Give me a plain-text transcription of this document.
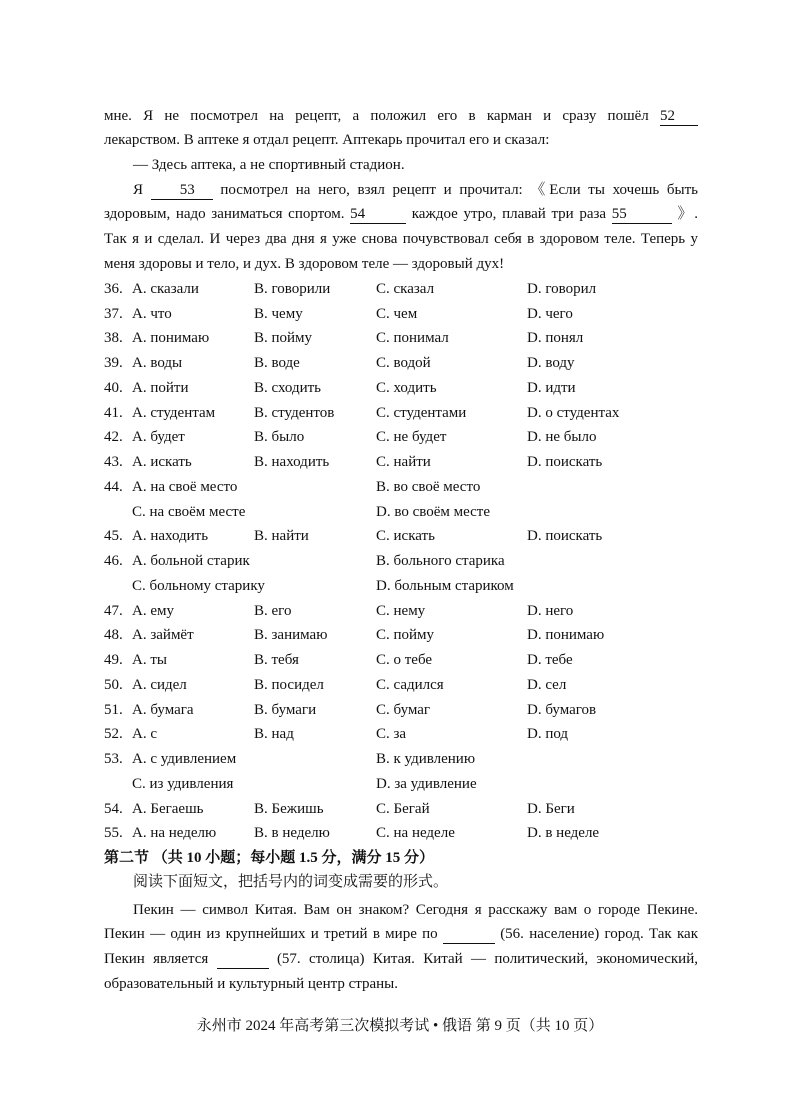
мне. Я не посмотрел на рецепт, а положил его в карман и сразу пошёл 52

лекарством. В аптеке я отдал рецепт. Аптекарь прочитал его и сказал:

— Здесь аптека, а не спортивный стадион.

Я 53 посмотрел на него, взял рецепт и прочитал: 《Если ты хочешь быть

здоровым, надо заниматься спортом. 54	каждое утро, плавай три раза 55	》.

Так я и сделал. И через два дня я уже снова почувствовал себя в здоровом теле. Теперь у

меня здоровы и тело, и дух. В здоровом теле — здоровый дух!

36. A. сказали	B. говорили	C. сказал	D. говорил
37. A. что	B. чему	C. чем	D. чего
38. A. понимаю	B. пойму	C. понимал	D. понял
39. A. воды	B. воде	C. водой	D. воду
40. A. пойти	B. сходить	C. ходить	D. идти
41. A. студентам	B. студентов	C. студентами	D. о студентах
42. A. будет	B. было	C. не будет	D. не было
43. A. искать	B. находить	C. найти	D. поискать
44. A. на своё место	B. во своё место
C. на своём месте	D. во своём месте
45. A. находить	B. найти	C. искать	D. поискать
46. A. больной старик	B. больного старика
C. больному старику	D. больным стариком
47. A. ему	B. его	C. нему	D. него
48. A. займёт	B. занимаю	C. пойму	D. понимаю
49. A. ты	B. тебя	C. о тебе	D. тебе
50. A. сидел	B. посидел	C. садился	D. сел
51. A. бумага	B. бумаги	C. бумаг	D. бумагов
52. A. с	B. над	C. за	D. под
53. A. с удивлением	B. к удивлению
C. из удивления	D. за удивление
54. A. Бегаешь	B. Бежишь	C. Бегай	D. Беги
55. A. на неделю	B. в неделю	C. на неделе	D. в неделе
第二节 （共 10 小题；每小题 1.5 分，满分 15 分）

阅读下面短文，把括号内的词变成需要的形式。

Пекин — символ Китая. Вам он знаком? Сегодня я расскажу вам о городе Пекине.

Пекин — один из крупнейших и третий в мире по	(56. население) город. Так как

Пекин является	(57. столица) Китая. Китай — политический, экономический,

образовательный и культурный центр страны.

永州市 2024 年高考第三次模拟考试 • 俄语 第 9 页（共 10 页）
